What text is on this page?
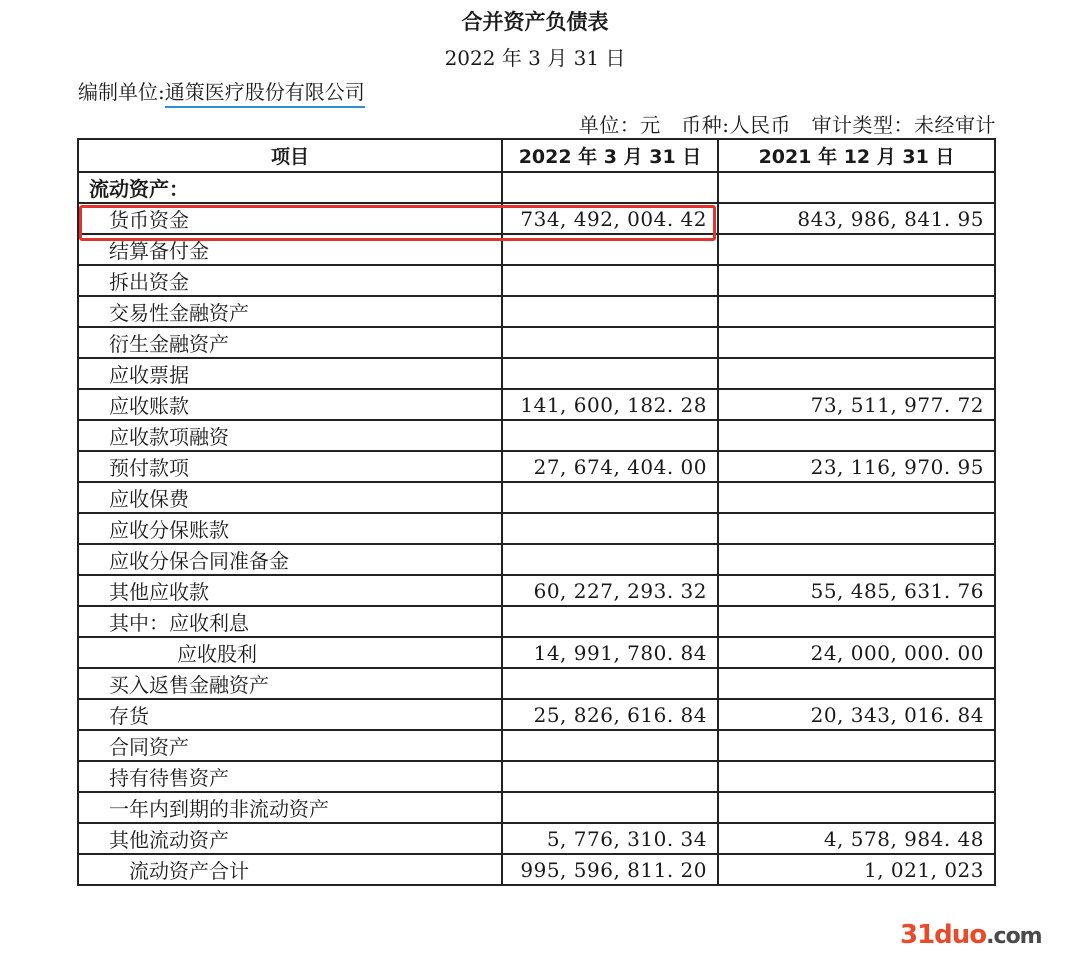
合并资产负债表
2022 年 3 月 31 日
编制单位:通策医疗股份有限公司
单位：元　币种:人民币　审计类型：未经审计
项目	2022 年 3 月 31 日	2021 年 12 月 31 日
流动资产：		
货币资金	734, 492, 004. 42	843, 986, 841. 95
结算备付金		
拆出资金		
交易性金融资产		
衍生金融资产		
应收票据		
应收账款	141, 600, 182. 28	73, 511, 977. 72
应收款项融资		
预付款项	27, 674, 404. 00	23, 116, 970. 95
应收保费		
应收分保账款		
应收分保合同准备金		
其他应收款	60, 227, 293. 32	55, 485, 631. 76
其中：应收利息		
应收股利	14, 991, 780. 84	24, 000, 000. 00
买入返售金融资产		
存货	25, 826, 616. 84	20, 343, 016. 84
合同资产		
持有待售资产		
一年内到期的非流动资产		
其他流动资产	5, 776, 310. 34	4, 578, 984. 48
流动资产合计	995, 596, 811. 20	1, 021, 023
31duo.com
